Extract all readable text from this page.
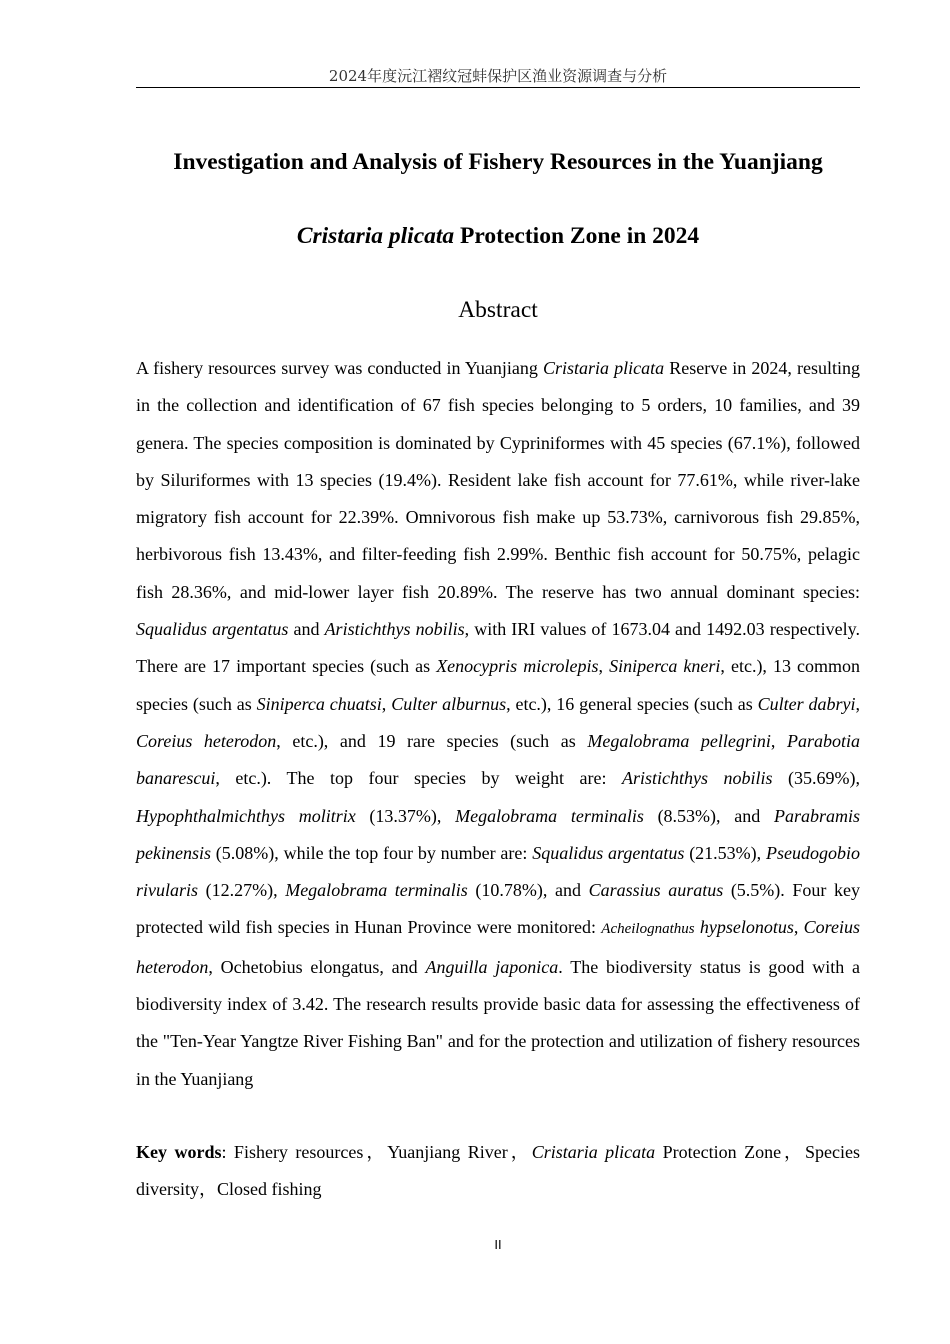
2024年度沅江褶纹冠蚌保护区渔业资源调查与分析
Investigation and Analysis of Fishery Resources in the Yuanjiang
Cristaria plicata Protection Zone in 2024
Abstract

A fishery resources survey was conducted in Yuanjiang Cristaria plicata Reserve in 2024, resulting in the collection and identification of 67 fish species belonging to 5 orders, 10 families, and 39 genera. The species composition is dominated by Cypriniformes with 45 species (67.1%), followed by Siluriformes with 13 species (19.4%). Resident lake fish account for 77.61%, while river-lake migratory fish account for 22.39%. Omnivorous fish make up 53.73%, carnivorous fish 29.85%, herbivorous fish 13.43%, and filter-feeding fish 2.99%. Benthic fish account for 50.75%, pelagic fish 28.36%, and mid-lower layer fish 20.89%. The reserve has two annual dominant species: Squalidus argentatus and Aristichthys nobilis, with IRI values of 1673.04 and 1492.03 respectively. There are 17 important species (such as Xenocypris microlepis, Siniperca kneri, etc.), 13 common species (such as Siniperca chuatsi, Culter alburnus, etc.), 16 general species (such as Culter dabryi, Coreius heterodon, etc.), and 19 rare species (such as Megalobrama pellegrini, Parabotia banarescui, etc.). The top four species by weight are: Aristichthys nobilis (35.69%), Hypophthalmichthys molitrix (13.37%), Megalobrama terminalis (8.53%), and Parabramis pekinensis (5.08%), while the top four by number are: Squalidus argentatus (21.53%), Pseudogobio rivularis (12.27%), Megalobrama terminalis (10.78%), and Carassius auratus (5.5%). Four key protected wild fish species in Hunan Province were monitored: Acheilognathus hypselonotus, Coreius heterodon, Ochetobius elongatus, and Anguilla japonica. The biodiversity status is good with a biodiversity index of 3.42. The research results provide basic data for assessing the effectiveness of the "Ten-Year Yangtze River Fishing Ban" and for the protection and utilization of fishery resources in the Yuanjiang

Key words: Fishery resources，Yuanjiang River，Cristaria plicata Protection Zone，Species diversity，Closed fishing
II
